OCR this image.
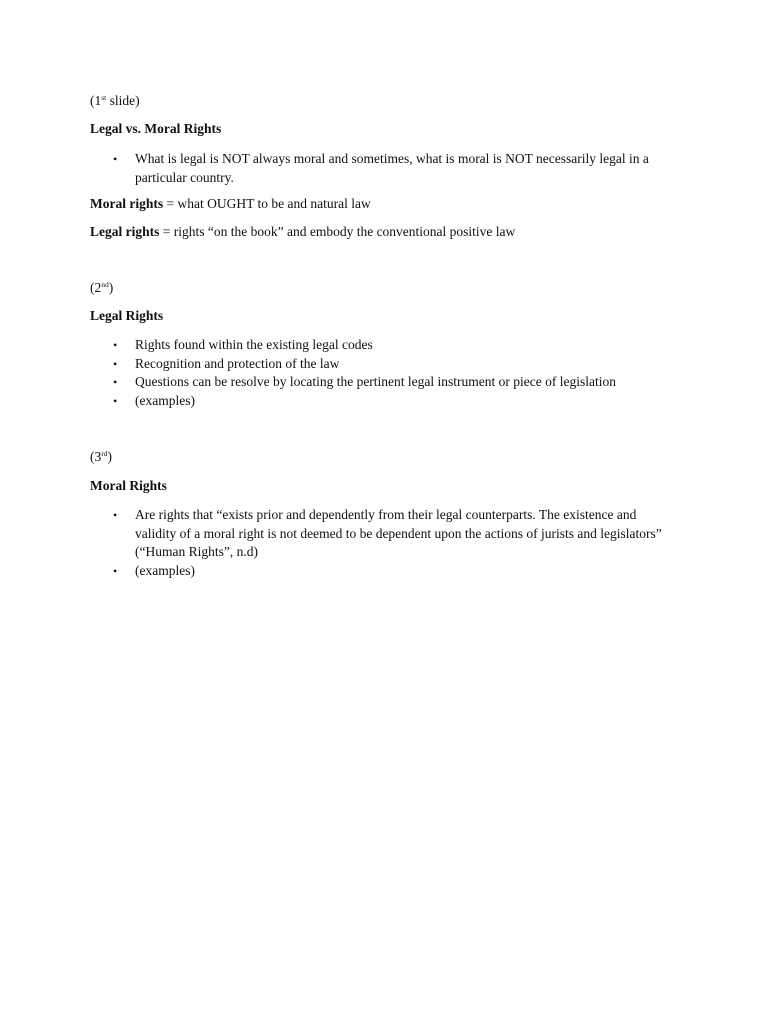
(1st slide)
Legal vs. Moral Rights
• What is legal is NOT always moral and sometimes, what is moral is NOT necessarily legal in a particular country.
Moral rights = what OUGHT to be and natural law
Legal rights = rights “on the book” and embody the conventional positive law
(2nd)
Legal Rights
• Rights found within the existing legal codes
• Recognition and protection of the law
• Questions can be resolve by locating the pertinent legal instrument or piece of legislation
• (examples)
(3rd)
Moral Rights
• Are rights that “exists prior and dependently from their legal counterparts. The existence and validity of a moral right is not deemed to be dependent upon the actions of jurists and legislators” (“Human Rights”, n.d)
• (examples)
